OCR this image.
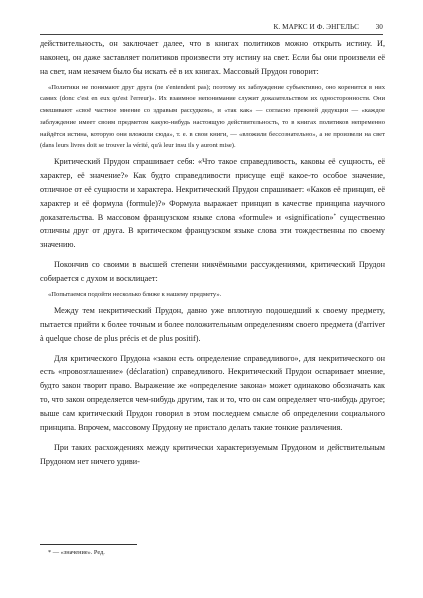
К. МАРКС И Ф. ЭНГЕЛЬС 30

действительность, он заключает далее, что в книгах политиков можно открыть истину. И, наконец, он даже заставляет политиков произвести эту истину на свет. Если бы они произвели её на свет, нам незачем было бы искать её в их книгах. Массовый Прудон говорит:

«Политики не понимают друг друга (ne s'entendent pas); поэтому их заблуждение субъективно, оно коренится в них самих (donc c'est en eux qu'est l'erreur)». Их взаимное непонимание служит доказательством их односторонности. Они смешивают «своё частное мнение со здравым рассудком», и «так как» — согласно прежней дедукции — «каждое заблуждение имеет своим предметом какую-нибудь настоящую действительность, то в книгах политиков непременно найдётся истина, которую они вложили сюда», т. е. в свои книги, — «вложили бессознательно», а не произвели на свет (dans leurs livres doit se trouver la vérité, qu'à leur insu ils y auront mise).

Критический Прудон спрашивает себя: «Что такое справедливость, каковы её сущность, её характер, её значение?» Как будто справедливости присуще ещё какое-то особое значение, отличное от её сущности и характера. Некритический Прудон спрашивает: «Каков её принцип, её характер и её формула (formule)?» Формула выражает принцип в качестве принципа научного доказательства. В массовом французском языке слова «formule» и «signification»* существенно отличны друг от друга. В критическом французском языке слова эти тождественны по своему значению.

Покончив со своими в высшей степени никчёмными рассуждениями, критический Прудон собирается с духом и восклицает:

«Попытаемся подойти несколько ближе к нашему предмету».

Между тем некритический Прудон, давно уже вплотную подошедший к своему предмету, пытается прийти к более точным и более положительным определениям своего предмета (d'arriver à quelque chose de plus précis et de plus positif).

Для критического Прудона «закон есть определение справедливого», для некритического он есть «провозглашение» (déclaration) справедливого. Некритический Прудон оспаривает мнение, будто закон творит право. Выражение же «определение закона» может одинаково обозначать как то, что закон определяется чем-нибудь другим, так и то, что он сам определяет что-нибудь другое; выше сам критический Прудон говорил в этом последнем смысле об определении социального принципа. Впрочем, массовому Прудону не пристало делать такие тонкие различения.

При таких расхождениях между критически характеризуемым Прудоном и действительным Прудоном нет ничего удиви-

* — «значение». Ред.
